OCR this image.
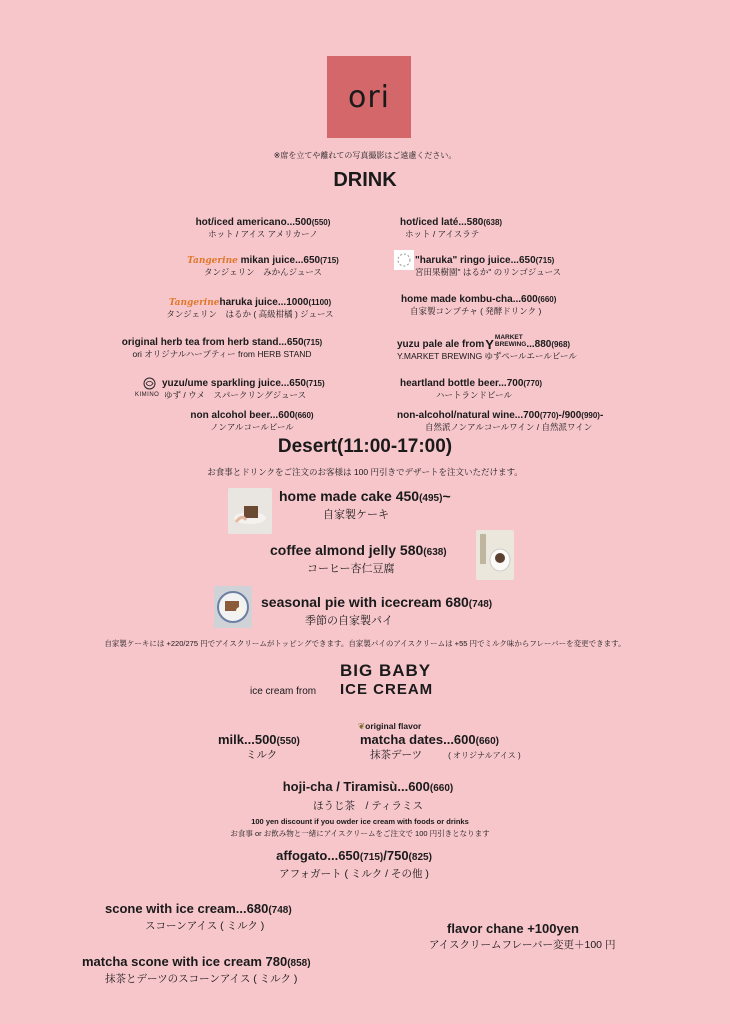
ori
※席を立てや離れての写真撮影はご遠慮ください。
DRINK
hot/iced americano...500(550)
ホット / アイス アメリカーノ
Tangerine mikan juice...650(715)
タンジェリン　みかんジュース
Tangerineharuka juice...1000(1100)
タンジェリン　はるか ( 高級柑橘 ) ジュース
original herb tea from herb stand...650(715)
ori オリジナルハーブティー from HERB STAND
yuzu/ume sparkling juice...650(715)
ゆず / ウメ　スパークリングジュース
KIMINO
non alcohol beer...600(660)
ノンアルコールビール
hot/iced laté...580(638)
ホット / アイスラテ
"haruka" ringo juice...650(715)
宮田果樹園" はるか" のリンゴジュース
home made kombu-cha...600(660)
自家製コンブチャ ( 発酵ドリンク )
yuzu pale ale from Y MARKET
BREWING ...880 (968)
Y.MARKET BREWING ゆずペールエールビール
heartland bottle beer...700(770)
ハートランドビール
non-alcohol/natural wine...700(770)-/900(990)-
自然派ノンアルコールワイン / 自然派ワイン
Desert(11:00-17:00)
お食事とドリンクをご注文のお客様は 100 円引きでデザートを注文いただけます。
home made cake 450(495)~
自家製ケーキ
coffee almond jelly 580(638)
コーヒー杏仁豆腐
seasonal pie with icecream 680(748)
季節の自家製パイ
自家製ケーキには +220/275 円でアイスクリームがトッピングできます。自家製パイのアイスクリームは +55 円でミルク味からフレーバーを変更できます。
BIG BABY
ICE CREAM
ice cream from
❦original flavor
milk...500(550)
ミルク
matcha dates...600(660)
抹茶デーツ	( オリジナルアイス )
hoji-cha / Tiramisù...600(660)
ほうじ茶　/ ティラミス
100 yen discount if you owder ice cream with foods or drinks
お食事 or お飲み物と一緒にアイスクリームをご注文で 100 円引きとなります
affogato...650(715)/750(825)
アフォガート ( ミルク / その他 )
scone with ice cream...680(748)
スコーンアイス ( ミルク )
matcha scone with ice cream 780(858)
抹茶とデーツのスコーンアイス ( ミルク )
flavor chane +100yen
アイスクリームフレーバー変更＋100 円
